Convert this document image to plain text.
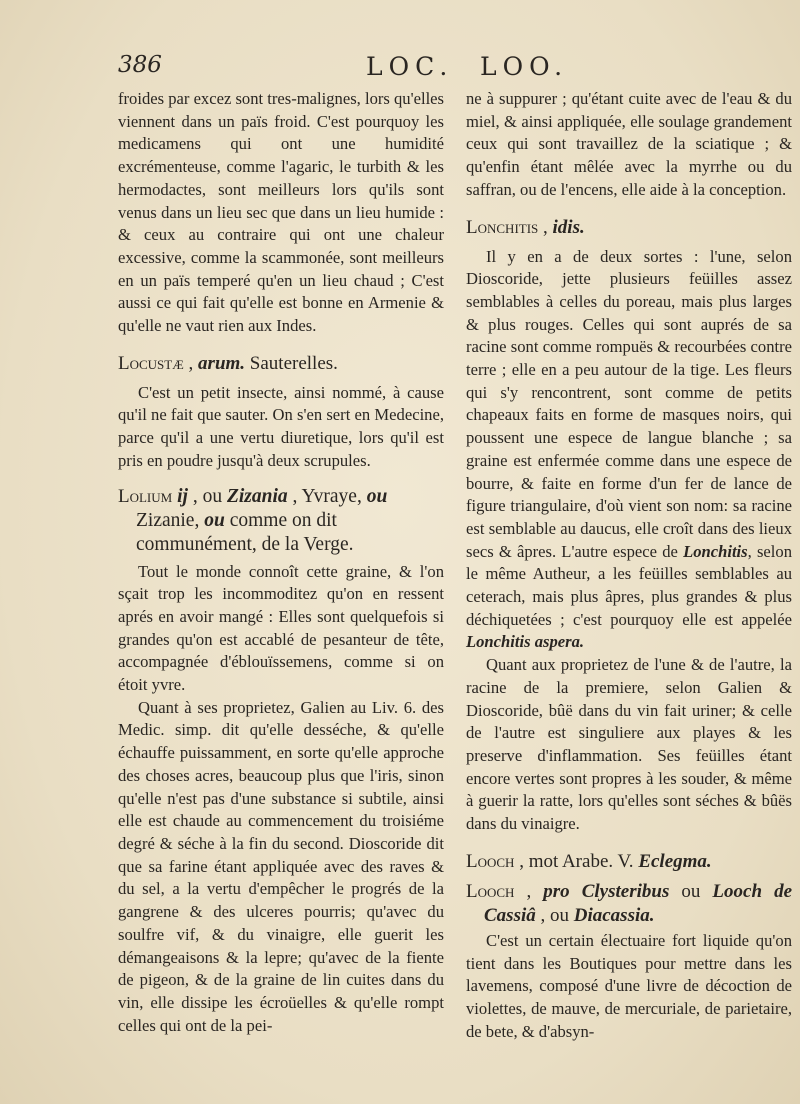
386	LOC. LOO.

froides par excez sont tres-malignes, lors qu'elles viennent dans un païs froid. C'est pourquoy les medicamens qui ont une humidité excrémenteuse, comme l'agaric, le turbith & les hermodactes, sont meilleurs lors qu'ils sont venus dans un lieu sec que dans un lieu humide : & ceux au contraire qui ont une chaleur excessive, comme la scammonée, sont meilleurs en un païs temperé qu'en un lieu chaud ; C'est aussi ce qui fait qu'elle est bonne en Armenie & qu'elle ne vaut rien aux Indes.

Locustæ , arum. Sauterelles.

C'est un petit insecte, ainsi nommé, à cause qu'il ne fait que sauter. On s'en sert en Medecine, parce qu'il a une vertu diuretique, lors qu'il est pris en poudre jusqu'à deux scrupules.

Lolium ij , ou Zizania , Yvraye, ou Zizanie, ou comme on dit communément, de la Verge.

Tout le monde connoît cette graine, & l'on sçait trop les incommoditez qu'on en ressent aprés en avoir mangé : Elles sont quelquefois si grandes qu'on est accablé de pesanteur de tête, accompagnée d'éblouïssemens, comme si on étoit yvre.

Quant à ses proprietez, Galien au Liv. 6. des Medic. simp. dit qu'elle desséche, & qu'elle échauffe puissamment, en sorte qu'elle approche des choses acres, beaucoup plus que l'iris, sinon qu'elle n'est pas d'une substance si subtile, ainsi elle est chaude au commencement du troisiéme degré & séche à la fin du second. Dioscoride dit que sa farine étant appliquée avec des raves & du sel, a la vertu d'empêcher le progrés de la gangrene & des ulceres pourris; qu'avec du soulfre vif, & du vinaigre, elle guerit les démangeaisons & la lepre; qu'avec de la fiente de pigeon, & de la graine de lin cuites dans du vin, elle dissipe les écroüelles & qu'elle rompt celles qui ont de la pei-

ne à suppurer ; qu'étant cuite avec de l'eau & du miel, & ainsi appliquée, elle soulage grandement ceux qui sont travaillez de la sciatique ; & qu'enfin étant mêlée avec la myrrhe ou du saffran, ou de l'encens, elle aide à la conception.

Lonchitis , idis.

Il y en a de deux sortes : l'une, selon Dioscoride, jette plusieurs feüilles assez semblables à celles du poreau, mais plus larges & plus rouges. Celles qui sont auprés de sa racine sont comme rompuës & recourbées contre terre ; elle en a peu autour de la tige. Les fleurs qui s'y rencontrent, sont comme de petits chapeaux faits en forme de masques noirs, qui poussent une espece de langue blanche ; sa graine est enfermée comme dans une espece de bourre, & faite en forme d'un fer de lance de figure triangulaire, d'où vient son nom: sa racine est semblable au daucus, elle croît dans des lieux secs & âpres. L'autre espece de Lonchitis, selon le même Autheur, a les feüilles semblables au ceterach, mais plus âpres, plus grandes & plus déchiquetées ; c'est pourquoy elle est appelée Lonchitis aspera.

Quant aux proprietez de l'une & de l'autre, la racine de la premiere, selon Galien & Dioscoride, bûë dans du vin fait uriner; & celle de l'autre est singuliere aux playes & les preserve d'inflammation. Ses feüilles étant encore vertes sont propres à les souder, & même à guerir la ratte, lors qu'elles sont séches & bûës dans du vinaigre.

Looch , mot Arabe. V. Eclegma.

Looch , pro Clysteribus ou Looch de Cassiâ , ou Diacassia.

C'est un certain électuaire fort liquide qu'on tient dans les Boutiques pour mettre dans les lavemens, composé d'une livre de décoction de violettes, de mauve, de mercuriale, de parietaire, de bete, & d'absyn-
